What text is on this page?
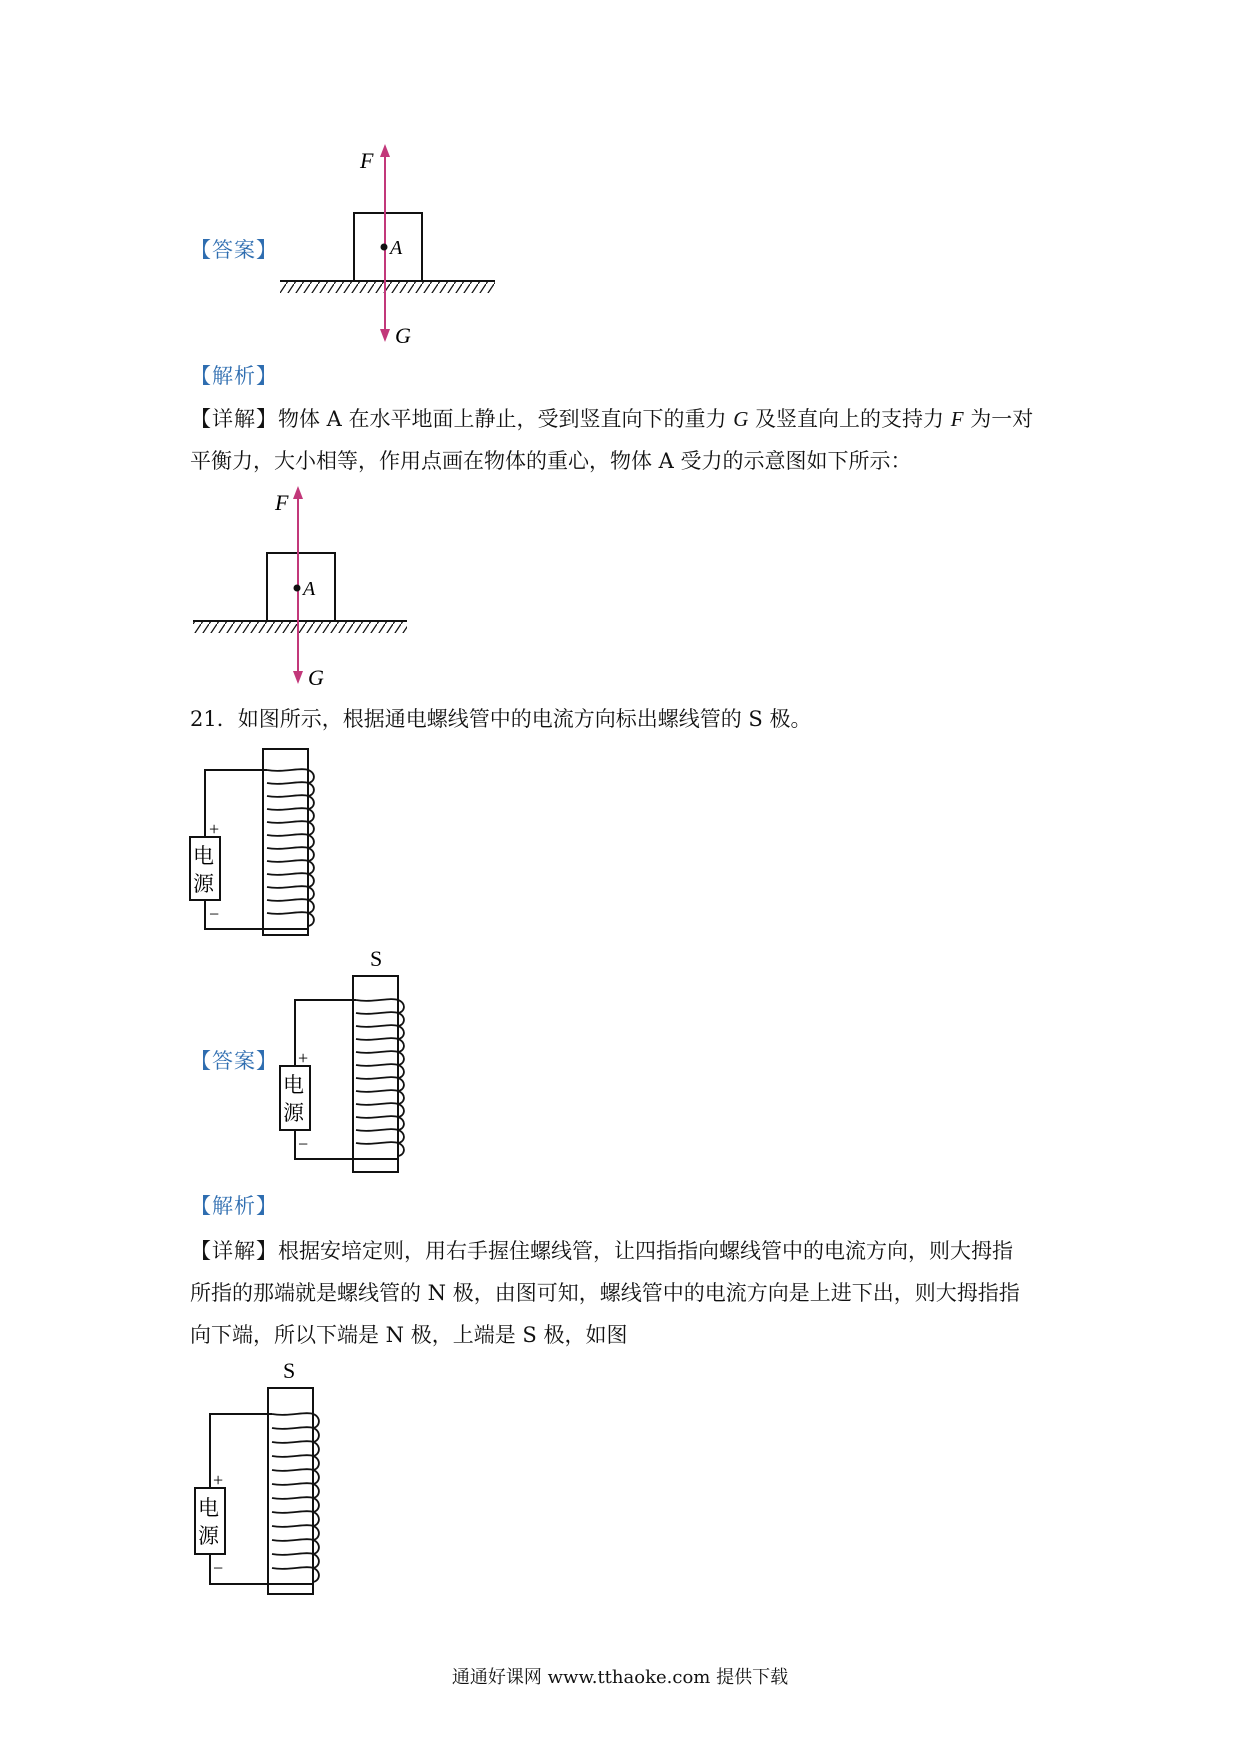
【答案】
F
A
G
【解析】
【详解】物体 A 在水平地面上静止，受到竖直向下的重力 G 及竖直向上的支持力 F 为一对
平衡力，大小相等，作用点画在物体的重心，物体 A 受力的示意图如下所示：
F
A
G
21．如图所示，根据通电螺线管中的电流方向标出螺线管的 S 极。
+
−
电
源
【答案】
S
+
−
电
源
【解析】
【详解】根据安培定则，用右手握住螺线管，让四指指向螺线管中的电流方向，则大拇指
所指的那端就是螺线管的 N 极，由图可知，螺线管中的电流方向是上进下出，则大拇指指
向下端，所以下端是 N 极，上端是 S 极，如图
S
+
−
电
源
通通好课网 www.tthaoke.com 提供下载
